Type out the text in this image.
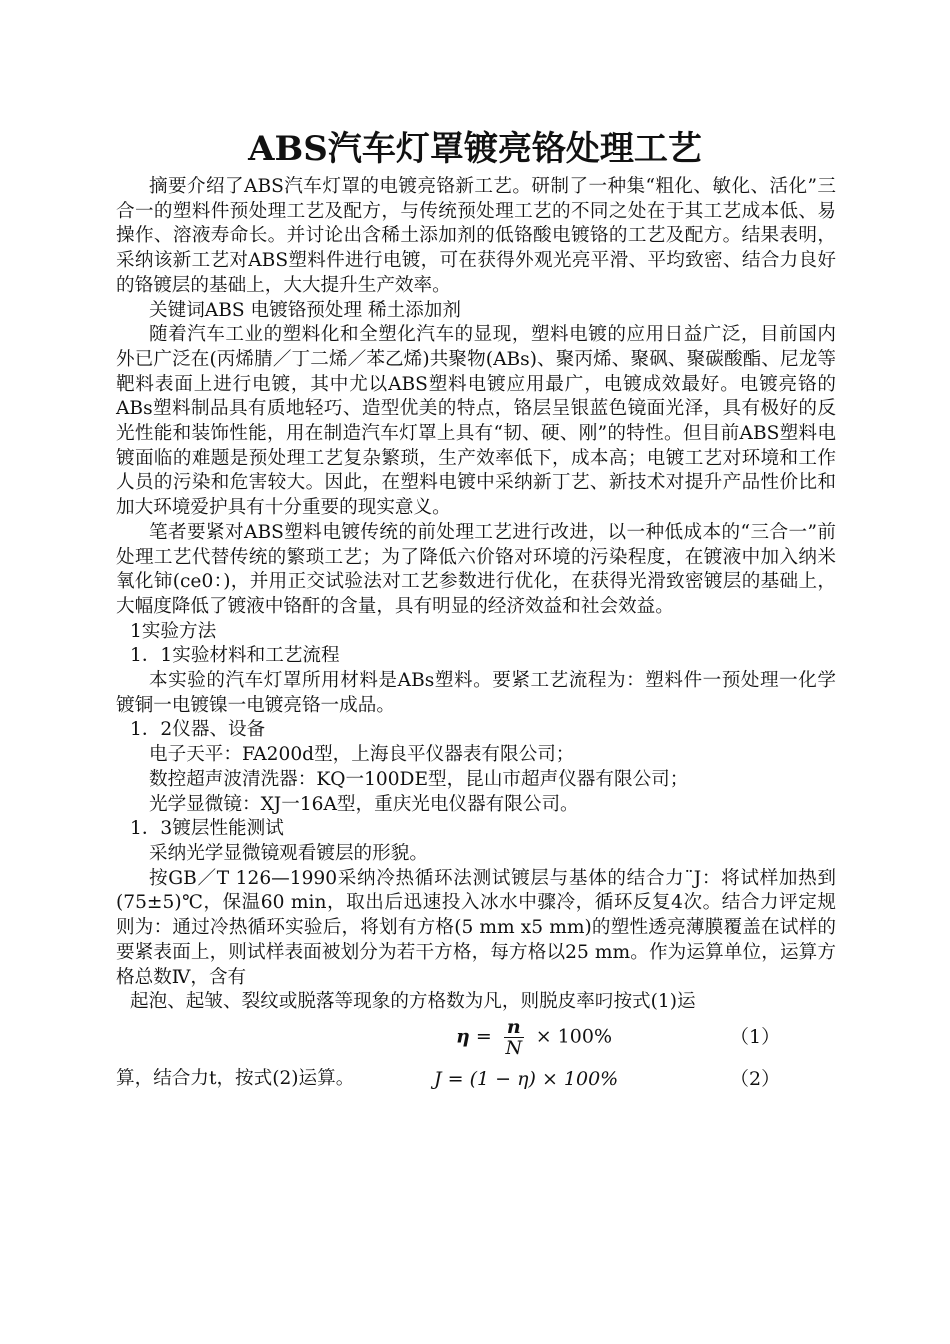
ABS汽车灯罩镀亮铬处理工艺

摘要介绍了ABS汽车灯罩的电镀亮铬新工艺。研制了一种集“粗化、敏化、活化”三合一的塑料件预处理工艺及配方，与传统预处理工艺的不同之处在于其工艺成本低、易操作、溶液寿命长。并讨论出含稀土添加剂的低铬酸电镀铬的工艺及配方。结果表明，采纳该新工艺对ABS塑料件进行电镀，可在获得外观光亮平滑、平均致密、结合力良好的铬镀层的基础上，大大提升生产效率。

关键词ABS 电镀铬预处理 稀土添加剂

随着汽车工业的塑料化和全塑化汽车的显现，塑料电镀的应用日益广泛，目前国内外已广泛在(丙烯腈／丁二烯／苯乙烯)共聚物(ABs)、聚丙烯、聚砜、聚碳酸酯、尼龙等靶料表面上进行电镀，其中尤以ABS塑料电镀应用最广，电镀成效最好。电镀亮铬的ABs塑料制品具有质地轻巧、造型优美的特点，铬层呈银蓝色镜面光泽，具有极好的反光性能和装饰性能，用在制造汽车灯罩上具有“韧、硬、刚”的特性。但目前ABS塑料电镀面临的难题是预处理工艺复杂繁琐，生产效率低下，成本高；电镀工艺对环境和工作人员的污染和危害较大。因此，在塑料电镀中采纳新丁艺、新技术对提升产品性价比和加大环境爱护具有十分重要的现实意义。

笔者要紧对ABS塑料电镀传统的前处理工艺进行改进，以一种低成本的“三合一”前处理工艺代替传统的繁琐工艺；为了降低六价铬对环境的污染程度，在镀液中加入纳米氧化铈(ce0：)，并用正交试验法对工艺参数进行优化，在获得光滑致密镀层的基础上，大幅度降低了镀液中铬酐的含量，具有明显的经济效益和社会效益。

1实验方法

1．1实验材料和工艺流程

本实验的汽车灯罩所用材料是ABs塑料。要紧工艺流程为：塑料件一预处理一化学镀铜一电镀镍一电镀亮铬一成品。

1．2仪器、设备

电子天平：FA200d型，上海良平仪器表有限公司；

数控超声波清洗器：KQ一100DE型，昆山市超声仪器有限公司；

光学显微镜：XJ一16A型，重庆光电仪器有限公司。

1．3镀层性能测试

采纳光学显微镜观看镀层的形貌。

按GB／T 126—1990采纳冷热循环法测试镀层与基体的结合力¨J：将试样加热到(75±5)℃，保温60 min，取出后迅速投入冰水中骤冷，循环反复4次。结合力评定规则为：通过冷热循环实验后，将划有方格(5 mm x5 mm)的塑性透亮薄膜覆盖在试样的要紧表面上，则试样表面被划分为若干方格，每方格以25 mm。作为运算单位，运算方格总数Ⅳ，含有

起泡、起皱、裂纹或脱落等现象的方格数为凡，则脱皮率叼按式(1)运

$\eta = \frac{n}{N} \times 100\%$	（1）
算，结合力t，按式(2)运算。	J = (1 − η) × 100%	（2）
